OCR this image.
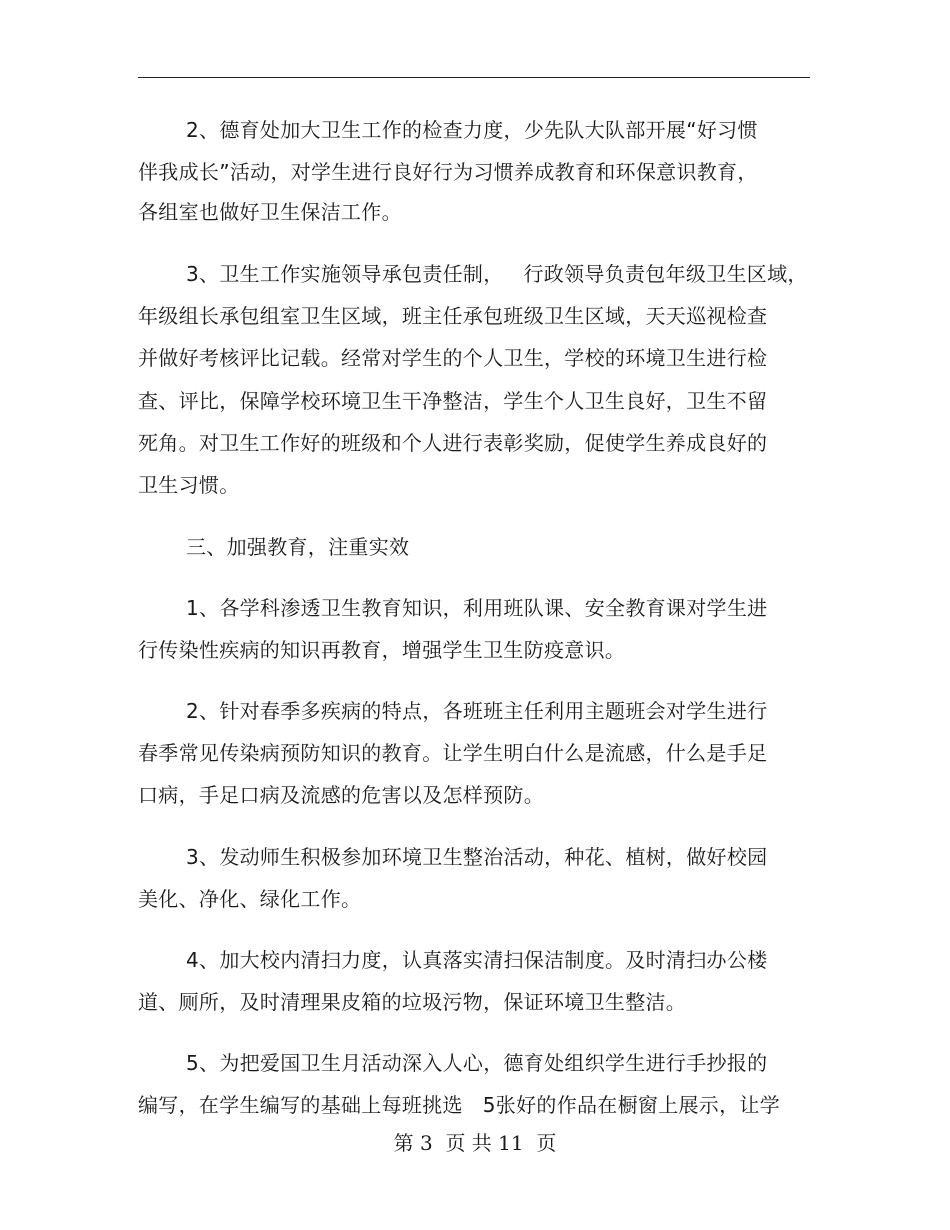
2、德育处加大卫生工作的检查力度，少先队大队部开展“好习惯
伴我成长”活动，对学生进行良好行为习惯养成教育和环保意识教育，
各组室也做好卫生保洁工作。
3、卫生工作实施领导承包责任制，   行政领导负责包年级卫生区域，
年级组长承包组室卫生区域，班主任承包班级卫生区域，天天巡视检查
并做好考核评比记载。经常对学生的个人卫生，学校的环境卫生进行检
查、评比，保障学校环境卫生干净整洁，学生个人卫生良好，卫生不留
死角。对卫生工作好的班级和个人进行表彰奖励，促使学生养成良好的
卫生习惯。
三、加强教育，注重实效
1、各学科渗透卫生教育知识，利用班队课、安全教育课对学生进
行传染性疾病的知识再教育，增强学生卫生防疫意识。
2、针对春季多疾病的特点，各班班主任利用主题班会对学生进行
春季常见传染病预防知识的教育。让学生明白什么是流感，什么是手足
口病，手足口病及流感的危害以及怎样预防。
3、发动师生积极参加环境卫生整治活动，种花、植树，做好校园
美化、净化、绿化工作。
4、加大校内清扫力度，认真落实清扫保洁制度。及时清扫办公楼
道、厕所，及时清理果皮箱的垃圾污物，保证环境卫生整洁。
5、为把爱国卫生月活动深入人心，德育处组织学生进行手抄报的
编写，在学生编写的基础上每班挑选   5张好的作品在橱窗上展示，让学
第 3  页 共 11  页
